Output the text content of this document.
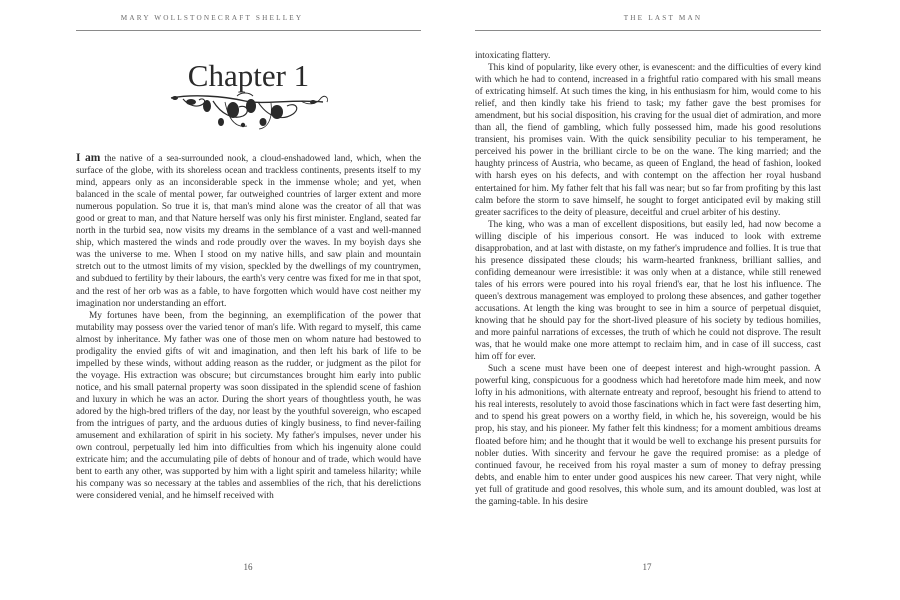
MARY WOLLSTONECRAFT SHELLEY
Chapter 1

I am the native of a sea-surrounded nook, a cloud-enshadowed land, which, when the surface of the globe, with its shoreless ocean and trackless continents, presents itself to my mind, appears only as an inconsiderable speck in the immense whole; and yet, when balanced in the scale of mental power, far outweighed countries of larger extent and more numerous population. So true it is, that man's mind alone was the creator of all that was good or great to man, and that Nature herself was only his first minister. England, seated far north in the turbid sea, now visits my dreams in the semblance of a vast and well-manned ship, which mastered the winds and rode proudly over the waves. In my boyish days she was the universe to me. When I stood on my native hills, and saw plain and mountain stretch out to the utmost limits of my vision, speckled by the dwellings of my countrymen, and subdued to fertility by their labours, the earth's very centre was fixed for me in that spot, and the rest of her orb was as a fable, to have forgotten which would have cost neither my imagination nor understanding an effort.

My fortunes have been, from the beginning, an exemplification of the power that mutability may possess over the varied tenor of man's life. With regard to myself, this came almost by inheritance. My father was one of those men on whom nature had bestowed to prodigality the envied gifts of wit and imagination, and then left his bark of life to be impelled by these winds, without adding reason as the rudder, or judgment as the pilot for the voyage. His extraction was obscure; but circumstances brought him early into public notice, and his small paternal property was soon dissipated in the splendid scene of fashion and luxury in which he was an actor. During the short years of thoughtless youth, he was adored by the high-bred triflers of the day, nor least by the youthful sovereign, who escaped from the intrigues of party, and the arduous duties of kingly business, to find never-failing amusement and exhilaration of spirit in his society. My father's impulses, never under his own controul, perpetually led him into difficulties from which his ingenuity alone could extricate him; and the accumulating pile of debts of honour and of trade, which would have bent to earth any other, was supported by him with a light spirit and tameless hilarity; while his company was so necessary at the tables and assemblies of the rich, that his derelictions were considered venial, and he himself received with

16
THE LAST MAN

intoxicating flattery.

This kind of popularity, like every other, is evanescent: and the difficulties of every kind with which he had to contend, increased in a frightful ratio compared with his small means of extricating himself. At such times the king, in his enthusiasm for him, would come to his relief, and then kindly take his friend to task; my father gave the best promises for amendment, but his social disposition, his craving for the usual diet of admiration, and more than all, the fiend of gambling, which fully possessed him, made his good resolutions transient, his promises vain. With the quick sensibility peculiar to his temperament, he perceived his power in the brilliant circle to be on the wane. The king married; and the haughty princess of Austria, who became, as queen of England, the head of fashion, looked with harsh eyes on his defects, and with contempt on the affection her royal husband entertained for him. My father felt that his fall was near; but so far from profiting by this last calm before the storm to save himself, he sought to forget anticipated evil by making still greater sacrifices to the deity of pleasure, deceitful and cruel arbiter of his destiny.

The king, who was a man of excellent dispositions, but easily led, had now become a willing disciple of his imperious consort. He was induced to look with extreme disapprobation, and at last with distaste, on my father's imprudence and follies. It is true that his presence dissipated these clouds; his warm-hearted frankness, brilliant sallies, and confiding demeanour were irresistible: it was only when at a distance, while still renewed tales of his errors were poured into his royal friend's ear, that he lost his influence. The queen's dextrous management was employed to prolong these absences, and gather together accusations. At length the king was brought to see in him a source of perpetual disquiet, knowing that he should pay for the short-lived pleasure of his society by tedious homilies, and more painful narrations of excesses, the truth of which he could not disprove. The result was, that he would make one more attempt to reclaim him, and in case of ill success, cast him off for ever.

Such a scene must have been one of deepest interest and high-wrought passion. A powerful king, conspicuous for a goodness which had heretofore made him meek, and now lofty in his admonitions, with alternate entreaty and reproof, besought his friend to attend to his real interests, resolutely to avoid those fascinations which in fact were fast deserting him, and to spend his great powers on a worthy field, in which he, his sovereign, would be his prop, his stay, and his pioneer. My father felt this kindness; for a moment ambitious dreams floated before him; and he thought that it would be well to exchange his present pursuits for nobler duties. With sincerity and fervour he gave the required promise: as a pledge of continued favour, he received from his royal master a sum of money to defray pressing debts, and enable him to enter under good auspices his new career. That very night, while yet full of gratitude and good resolves, this whole sum, and its amount doubled, was lost at the gaming-table. In his desire

17
